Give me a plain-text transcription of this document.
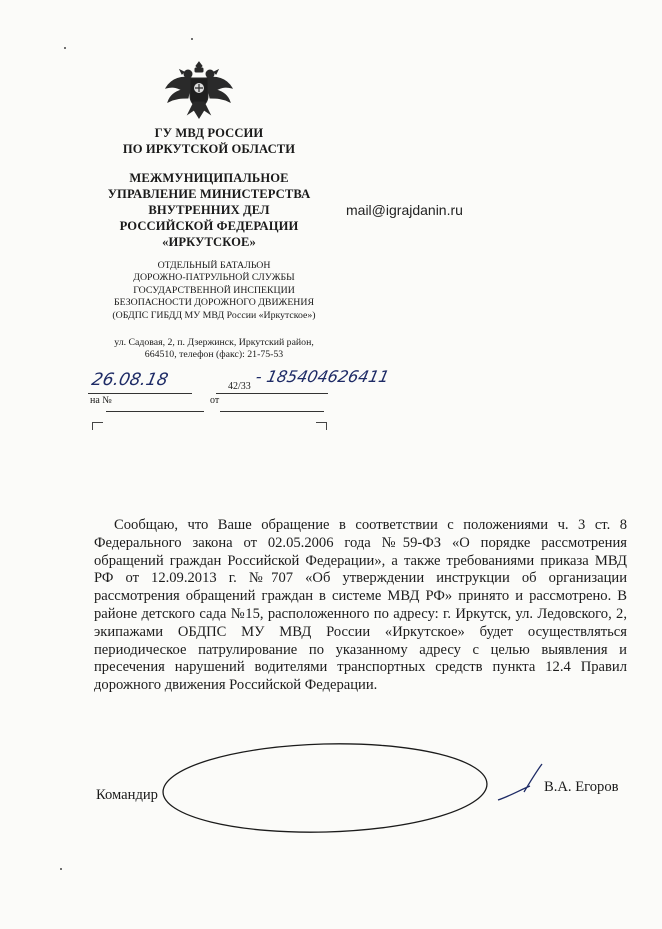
ГУ МВД РОССИИ
ПО ИРКУТСКОЙ ОБЛАСТИ
МЕЖМУНИЦИПАЛЬНОЕ
УПРАВЛЕНИЕ МИНИСТЕРСТВА
ВНУТРЕННИХ ДЕЛ
РОССИЙСКОЙ ФЕДЕРАЦИИ
«ИРКУТСКОЕ»
ОТДЕЛЬНЫЙ БАТАЛЬОН
ДОРОЖНО-ПАТРУЛЬНОЙ СЛУЖБЫ
ГОСУДАРСТВЕННОЙ ИНСПЕКЦИИ
БЕЗОПАСНОСТИ ДОРОЖНОГО ДВИЖЕНИЯ
(ОБДПС ГИБДД МУ МВД России «Иркутское»)
ул. Садовая, 2, п. Дзержинск, Иркутский район,
664510, телефон (факс): 21-75-53
mail@igrajdanin.ru
26.08.18	42/33
- 185404626411
на №	от

Сообщаю, что Ваше обращение в соответствии с положениями ч. 3 ст. 8 Федерального закона от 02.05.2006 года №59-ФЗ «О порядке рассмотрения обращений граждан Российской Федерации», а также требованиями приказа МВД РФ от 12.09.2013 г. №707 «Об утверждении инструкции об организации рассмотрения обращений граждан в системе МВД РФ» принято и рассмотрено. В районе детского сада №15, расположенного по адресу: г. Иркутск, ул. Ледовского, 2, экипажами ОБДПС МУ МВД России «Иркутское» будет осуществляться периодическое патрулирование по указанному адресу с целью выявления и пресечения нарушений водителями транспортных средств пункта 12.4 Правил дорожного движения Российской Федерации.

Командир	В.А. Егоров
